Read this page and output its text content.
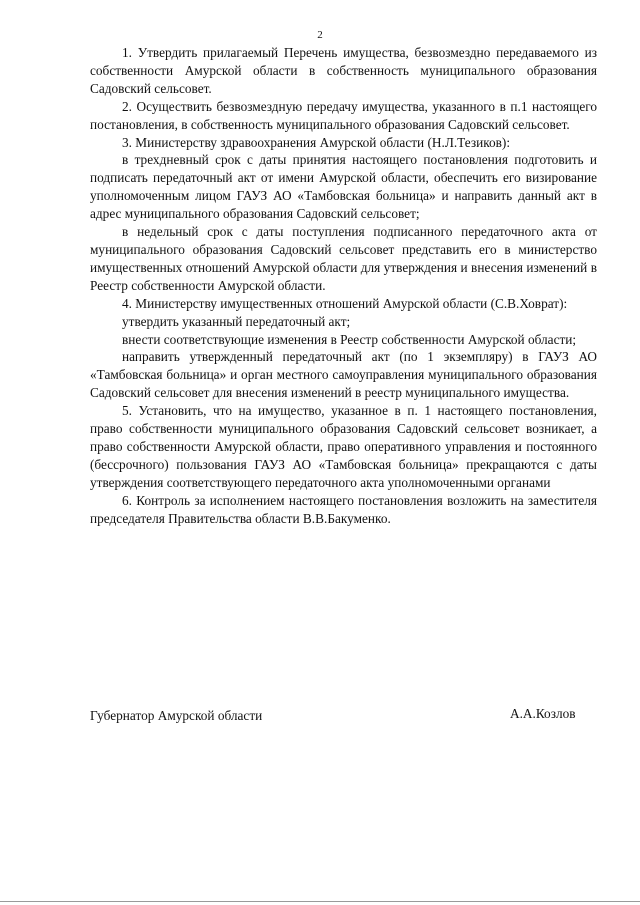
2

1. Утвердить прилагаемый Перечень имущества, безвозмездно передаваемого из собственности Амурской области в собственность муниципального образования Садовский сельсовет.

2. Осуществить безвозмездную передачу имущества, указанного в п.1 настоящего постановления, в собственность муниципального образования Садовский сельсовет.

3. Министерству здравоохранения Амурской области (Н.Л.Тезиков):

в трехдневный срок с даты принятия настоящего постановления подготовить и подписать передаточный акт от имени Амурской области, обеспечить его визирование уполномоченным лицом ГАУЗ АО «Тамбовская больница» и направить данный акт в адрес муниципального образования Садовский сельсовет;

в недельный срок с даты поступления подписанного передаточного акта от муниципального образования Садовский сельсовет представить его в министерство имущественных отношений Амурской области для утверждения и внесения изменений в Реестр собственности Амурской области.

4. Министерству имущественных отношений Амурской области (С.В.Ховрат):

утвердить указанный передаточный акт;

внести соответствующие изменения в Реестр собственности Амурской области;

направить утвержденный передаточный акт (по 1 экземпляру) в ГАУЗ АО «Тамбовская больница» и орган местного самоуправления муниципального образования Садовский сельсовет для внесения изменений в реестр муниципального имущества.

5. Установить, что на имущество, указанное в п. 1 настоящего постановления, право собственности муниципального образования Садовский сельсовет возникает, а право собственности Амурской области, право оперативного управления и постоянного (бессрочного) пользования ГАУЗ АО «Тамбовская больница» прекращаются с даты утверждения соответствующего передаточного акта уполномоченными органами

6. Контроль за исполнением настоящего постановления возложить на заместителя председателя Правительства области В.В.Бакуменко.

Губернатор Амурской области	А.А.Козлов
